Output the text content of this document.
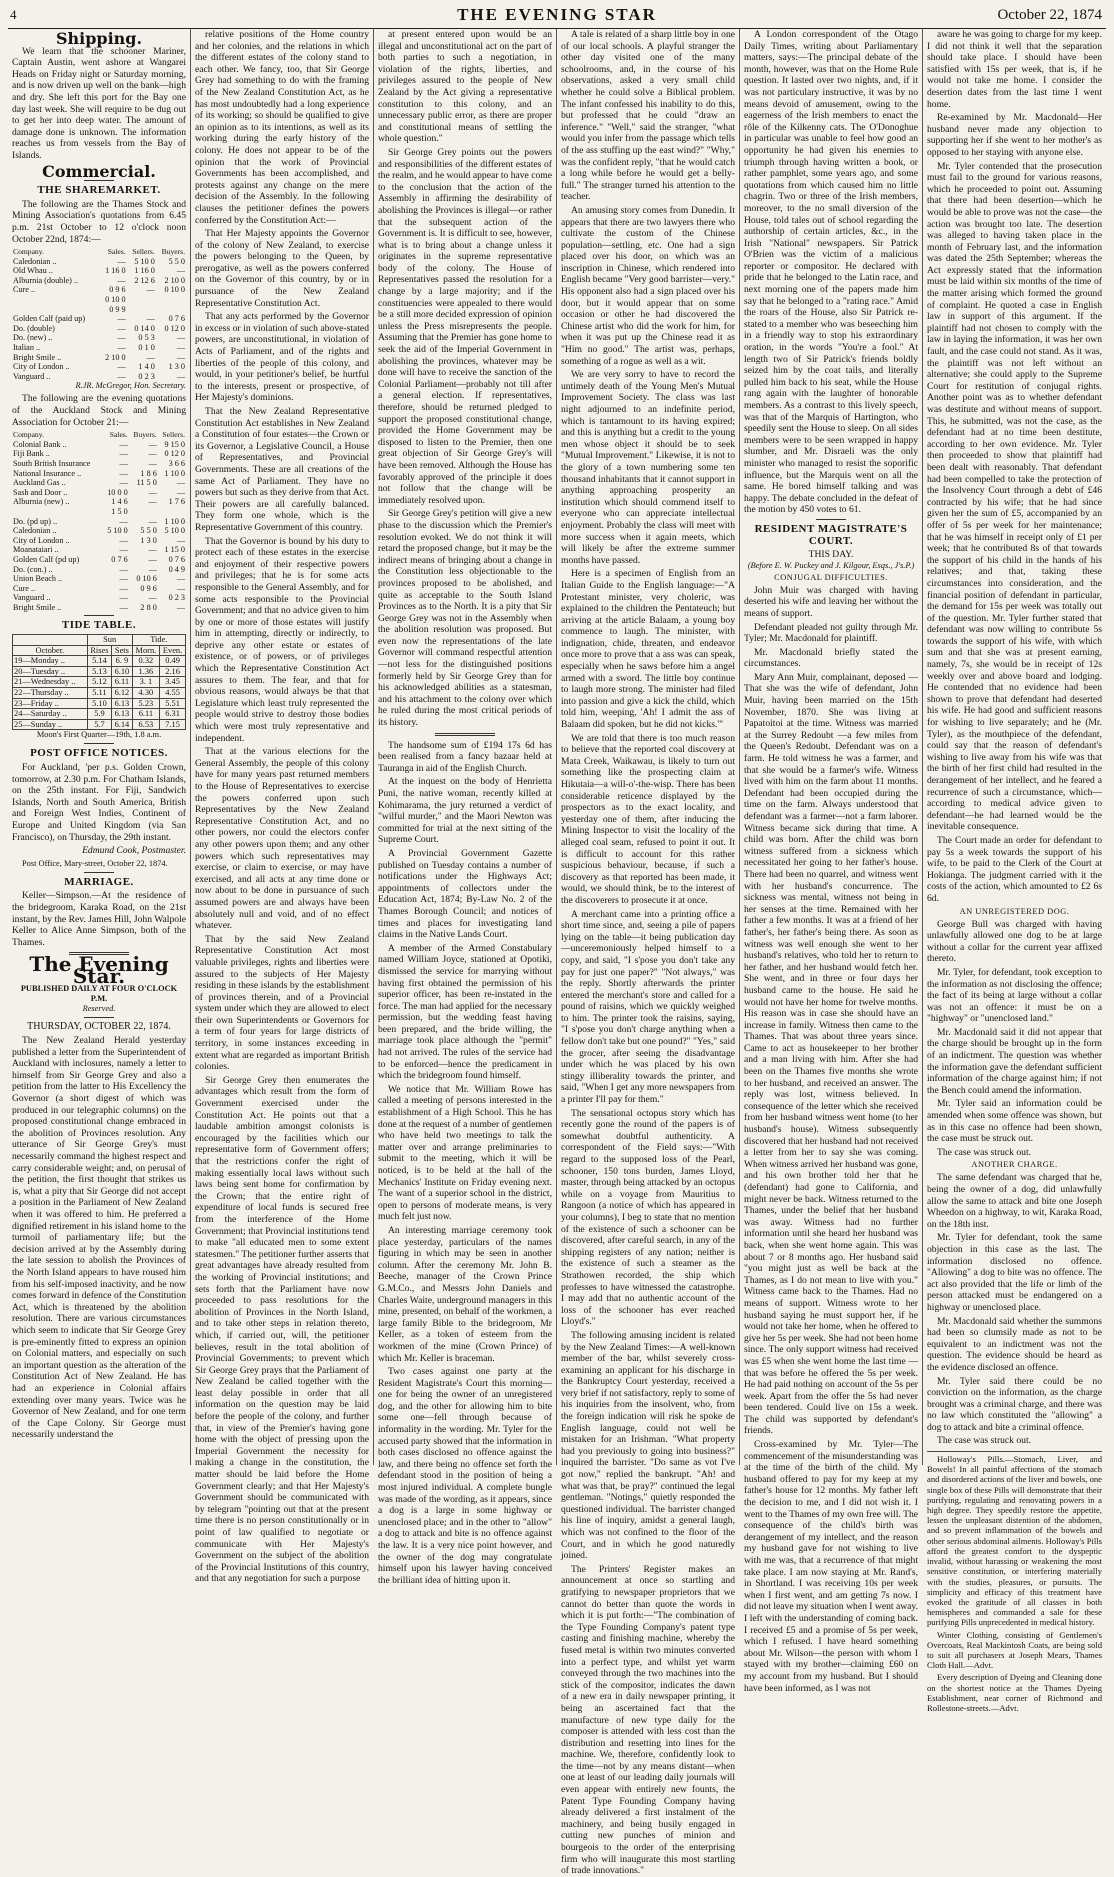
4	THE EVENING STAR	October 22, 1874
Shipping.

We learn that the schooner Mariner, Captain Austin, went ashore at Wangarei Heads on Friday night or Saturday morning, and is now driven up well on the bank—high and dry. She left this port for the Bay one day last week. She will require to be dug out to get her into deep water. The amount of damage done is unknown. The information reaches us from vessels from the Bay of Islands.

Commercial.
THE SHAREMARKET.

The following are the Thames Stock and Mining Association's quotations from 6.45 p.m. 21st October to 12 o'clock noon October 22nd, 1874:—

Company.	Sales.	Sellers.	Buyers.
Caledonian ..	—	5 10 0	5 5 0
Old Whau ..	1 16 0	1 16 0	—
Alburnia (double) ..	—	2 12 6	2 10 0
Cure ..	0 9 6	—	0 10 0
	0 10 0		
	0 9 9		
Golden Calf (paid up)	—	—	0 7 6
Do. (double)	—	0 14 0	0 12 0
Do. (new) ..	—	0 5 3	—
Italian ..	—	0 1 0	—
Bright Smile ..	2 10 0	—	—
City of London ..	—	1 4 0	1 3 0
Vanguard ..	—	0 2 3	—

R.JR. McGregor, Hon. Secretary.

The following are the evening quotations of the Auckland Stock and Mining Association for October 21:—

Company.	Sales.	Buyers.	Sellers.
Colonial Bank ..	—	—	9 15 0
Fiji Bank ..	—	—	0 12 0
South British Insurance	—	—	3 6 6
National Insurance ..	—	1 8 6	1 10 0
Auckland Gas ..	—	11 5 0	—
Sash and Door ..	10 0 0	—	—
Alburnia (new) ..	1 4 6	—	1 7 6
	1 5 0		
Do. (pd up) ..	—	—	1 10 0
Caledonian ..	5 10 0	5 5 0	5 10 0
City of London ..	—	1 3 0	—
Moanataiari ..	—	—	1 15 0
Golden Calf (pd up)	0 7 6	—	0 7 6
Do. (con.) ..	—	—	0 4 9
Union Beach ..	—	0 10 6	—
Cure ..	—	0 9 6	—
Vanguard ..	—	—	0 2 3
Bright Smile ..	—	2 8 0	—
TIDE TABLE.
	Sun		Tide.	
October.	Rises	Sets	Morn.	Even.
19—Monday ..	5.14	6. 9	0.32	0.49
20—Tuesday ..	5.13	6.10	1.36	2.16
21—Wednesday ..	5.12	6.11	3. 1	3.45
22—Thursday ..	5.11	6.12	4.30	4.55
23—Friday ..	5.10	6.13	5.23	5.51
24—Saturday ..	5.9	6.13	6.11	6.31
25—Sunday ..	5.7	6.14	6.53	7.15

Moon's First Quarter—19th, 1.8 a.m.

POST OFFICE NOTICES.

For Auckland, 'per p.s. Golden Crown, tomorrow, at 2.30 p.m. For Chatham Islands, on the 25th instant. For Fiji, Sandwich Islands, North and South America, British and Foreign West Indies, Continent of Europe and United Kingdom (via San Francisco), on Thursday, the 29th instant.

Edmund Cook, Postmaster.

Post Office, Mary-street, October 22, 1874.

MARRIAGE.

Keller—Simpson.—At the residence of the bridegroom, Karaka Road, on the 21st instant, by the Rev. James Hill, John Walpole Keller to Alice Anne Simpson, both of the Thames.

The Evening Star.
PUBLISHED DAILY AT FOUR O'CLOCK P.M.
Reserved.
THURSDAY, OCTOBER 22, 1874.

The New Zealand Herald yesterday published a letter from the Superintendent of Auckland with inclosures, namely a letter to himself from Sir George Grey and also a petition from the latter to His Excellency the Governor (a short digest of which was produced in our telegraphic columns) on the proposed constitutional change embraced in the abolition of Provinces resolution. Any utterance of Sir George Grey's must necessarily command the highest respect and carry considerable weight; and, on perusal of the petition, the first thought that strikes us is, what a pity that Sir George did not accept a position in the Parliament of New Zealand when it was offered to him. He preferred a dignified retirement in his island home to the turmoil of parliamentary life; but the decision arrived at by the Assembly during the late session to abolish the Provinces of the North Island appears to have roused him from his self-imposed inactivity, and he now comes forward in defence of the Constitution Act, which is threatened by the abolition resolution. There are various circumstances which seem to indicate that Sir George Grey is pre-eminently fitted to express an opinion on Colonial matters, and especially on such an important question as the alteration of the Constitution Act of New Zealand. He has had an experience in Colonial affairs extending over many years. Twice was he Governor of New Zealand, and for one term of the Cape Colony. Sir George must necessarily understand the

relative positions of the Home country and her colonies, and the relations in which the different estates of the colony stand to each other. We fancy, too, that Sir George Grey had something to do with the framing of the New Zealand Constitution Act, as he has most undoubtedly had a long experience of its working; so should be qualified to give an opinion as to its intentions, as well as its working during the early history of the colony. He does not appear to be of the opinion that the work of Provincial Governments has been accomplished, and protests against any change on the mere decision of the Assembly. In the following clauses the petitioner defines the powers conferred by the Constitution Act:—

That Her Majesty appoints the Governor of the colony of New Zealand, to exercise the powers belonging to the Queen, by prerogative, as well as the powers conferred on the Governor of this country, by or in pursuance of the New Zealand Representative Constitution Act.

That any acts performed by the Governor in excess or in violation of such above-stated powers, are unconstitutional, in violation of Acts of Parliament, and of the rights and liberties of the people of this colony, and would, in your petitioner's belief, be hurtful to the interests, present or prospective, of Her Majesty's dominions.

That the New Zealand Representative Constitution Act establishes in New Zealand a Constitution of four estates—the Crown or its Governor, a Legislative Council, a House of Representatives, and Provincial Governments. These are all creations of the same Act of Parliament. They have no powers but such as they derive from that Act. Their powers are all carefully balanced. They form one whole, which is the Representative Government of this country.

That the Governor is bound by his duty to protect each of these estates in the exercise and enjoyment of their respective powers and privileges; that he is for some acts responsible to the General Assembly, and for some acts responsible to the Provincial Government; and that no advice given to him by one or more of those estates will justify him in attempting, directly or indirectly, to deprive any other estate or estates of existence, or of powers, or of privileges which the Representative Constitution Act assures to them. The fear, and that for obvious reasons, would always be that that Legislature which least truly represented the people would strive to destroy those bodies which were most truly representative and independent.

That at the various elections for the General Assembly, the people of this colony have for many years past returned members to the House of Representatives to exercise the powers conferred upon such Representatives by the New Zealand Representative Constitution Act, and no other powers, nor could the electors confer any other powers upon them; and any other powers which such representatives may exercise, or claim to exercise, or may have exercised, and all acts at any time done or now about to be done in pursuance of such assumed powers are and always have been absolutely null and void, and of no effect whatever.

That by the said New Zealand Representative Constitution Act most valuable privileges, rights and liberties were assured to the subjects of Her Majesty residing in these islands by the establishment of provinces therein, and of a Provincial system under which they are allowed to elect their own Superintendents or Governors for a term of four years for large districts of territory, in some instances exceeding in extent what are regarded as important British colonies.

Sir George Grey then enumerates the advantages which result from the form of Government exercised under the Constitution Act. He points out that a laudable ambition amongst colonists is encouraged by the facilities which our representative form of Government offers; that the restrictions confer the right of making essentially local laws without such laws being sent home for confirmation by the Crown; that the entire right of expenditure of local funds is secured free from the interference of the Home Government; that Provincial institutions tend to make "all educated men to some extent statesmen." The petitioner further asserts that great advantages have already resulted from the working of Provincial institutions; and sets forth that the Parliament have now proceeded to pass resolutions for the abolition of Provinces in the North Island, and to take other steps in relation thereto, which, if carried out, will, the petitioner believes, result in the total abolition of Provincial Governments; to prevent which Sir George Grey prays that the Parliament of New Zealand be called together with the least delay possible in order that all information on the question may be laid before the people of the colony, and further that, in view of the Premier's having gone home with the object of pressing upon the Imperial Government the necessity for making a change in the constitution, the matter should be laid before the Home Government clearly; and that Her Majesty's Government should be communicated with by telegram "pointing out that at the present time there is no person constitutionally or in point of law qualified to negotiate or communicate with Her Majesty's Government on the subject of the abolition of the Provincial Institutions of this country, and that any negotiation for such a purpose

at present entered upon would be an illegal and unconstitutional act on the part of both parties to such a negotiation, in violation of the rights, liberties, and privileges assured to the people of New Zealand by the Act giving a representative constitution to this colony, and an unnecessary public error, as there are proper and constitutional means of settling the whole question."

Sir George Grey points out the powers and responsibilities of the different estates of the realm, and he would appear to have come to the conclusion that the action of the Assembly in affirming the desirability of abolishing the Provinces is illegal—or rather that the subsequent action of the Government is. It is difficult to see, however, what is to bring about a change unless it originates in the supreme representative body of the colony. The House of Representatives passed the resolution for a change by a large majority; and if the constituencies were appealed to there would be a still more decided expression of opinion unless the Press misrepresents the people. Assuming that the Premier has gone home to seek the aid of the Imperial Government in abolishing the provinces, whatever may be done will have to receive the sanction of the Colonial Parliament—probably not till after a general election. If representatives, therefore, should be returned pledged to support the proposed constitutional change, provided the Home Government may be disposed to listen to the Premier, then one great objection of Sir George Grey's will have been removed. Although the House has favorably approved of the principle it does not follow that the change will be immediately resolved upon.

Sir George Grey's petition will give a new phase to the discussion which the Premier's resolution evoked. We do not think it will retard the proposed change, but it may be the indirect means of bringing about a change in the Constitution less objectionable to the provinces proposed to be abolished, and quite as acceptable to the South Island Provinces as to the North. It is a pity that Sir George Grey was not in the Assembly when the abolition resolution was proposed. But even now the representations of the late Governor will command respectful attention—not less for the distinguished positions formerly held by Sir George Grey than for his acknowledged abilities as a statesman, and his attachment to the colony over which he ruled during the most critical periods of its history.

The handsome sum of £194 17s 6d has been realised from a fancy bazaar held at Tauranga in aid of the English Church.

At the inquest on the body of Henrietta Puni, the native woman, recently killed at Kohimarama, the jury returned a verdict of "wilful murder," and the Maori Newton was committed for trial at the next sitting of the Supreme Court.

A Provincial Government Gazette published on Tuesday contains a number of notifications under the Highways Act; appointments of collectors under the Education Act, 1874; By-Law No. 2 of the Thames Borough Council; and notices of times and places for investigating land claims in the Native Lands Court.

A member of the Armed Constabulary named William Joyce, stationed at Opotiki, dismissed the service for marrying without having first obtained the permission of his superior officer, has been re-instated in the force. The man had applied for the necessary permission, but the wedding feast having been prepared, and the bride willing, the marriage took place although the "permit" had not arrived. The rules of the service had to be enforced—hence the predicament in which the bridegroom found himself.

We notice that Mr. William Rowe has called a meeting of persons interested in the establishment of a High School. This he has done at the request of a number of gentlemen who have held two meetings to talk the matter over and arrange preliminaries to submit to the meeting, which it will be noticed, is to be held at the hall of the Mechanics' Institute on Friday evening next. The want of a superior school in the district, open to persons of moderate means, is very much felt just now.

An interesting marriage ceremony took place yesterday, particulars of the names figuring in which may be seen in another column. After the ceremony Mr. John B. Beeche, manager of the Crown Prince G.M.Co., and Messrs John Daniels and Charles Waite, underground managers in this mine, presented, on behalf of the workmen, a large family Bible to the bridegroom, Mr Keller, as a token of esteem from the workmen of the mine (Crown Prince) of which Mr. Keller is braceman.

Two cases against one party at the Resident Magistrate's Court this morning—one for being the owner of an unregistered dog, and the other for allowing him to bite some one—fell through because of informality in the wording. Mr. Tyler for the accused party showed that the information in both cases disclosed no offence against the law, and there being no offence set forth the defendant stood in the position of being a most injured individual. A complete bungle was made of the wording, as it appears, since a dog is a large in some highway or unenclosed place; and in the other to "allow" a dog to attack and bite is no offence against the law. It is a very nice point however, and the owner of the dog may congratulate himself upon his lawyer having conceived the brilliant idea of hitting upon it.

A tale is related of a sharp little boy in one of our local schools. A playful stranger the other day visited one of the many schoolrooms, and, in the course of his observations, asked a very small child whether he could solve a Biblical problem. The infant confessed his inability to do this, but professed that he could "draw an inference." "Well," said the stranger, "what would you infer from the passage which tells of the ass stuffing up the east wind?" "Why," was the confident reply, "that he would catch a long while before he would get a belly-full." The stranger turned his attention to the teacher.

An amusing story comes from Dunedin. It appears that there are two lawyers there who cultivate the custom of the Chinese population—settling, etc. One had a sign placed over his door, on which was an inscription in Chinese, which rendered into English became "Very good barrister—very." His opponent also had a sign placed over his door, but it would appear that on some occasion or other he had discovered the Chinese artist who did the work for him, for when it was put up the Chinese read it as "Him no good." The artist was, perhaps, something of a rogue as well as a wit.

We are very sorry to have to record the untimely death of the Young Men's Mutual Improvement Society. The class was last night adjourned to an indefinite period, which is tantamount to its having expired; and this is anything but a credit to the young men whose object it should be to seek "Mutual Improvement." Likewise, it is not to the glory of a town numbering some ten thousand inhabitants that it cannot support in anything approaching prosperity an institution which should commend itself to everyone who can appreciate intellectual enjoyment. Probably the class will meet with more success when it again meets, which will likely be after the extreme summer months have passed.

Here is a specimen of English from an Italian Guide to the English language:—"A Protestant minister, very choleric, was explained to the children the Pentateuch; but arriving at the article Balaam, a young boy commence to laugh. The minister, with indignation, chide, threaten, and endeavor once more to prove that a ass was can speak, especially when he saws before him a angel armed with a sword. The little boy continue to laugh more strong. The minister had filed into passion and give a kick the child, which told him, weeping, 'Ah! I admit the ass of Balaam did spoken, but he did not kicks.'"

We are told that there is too much reason to believe that the reported coal discovery at Mata Creek, Waikawau, is likely to turn out something like the prospecting claim at Hikutaia—a will-o'-the-wisp. There has been considerable reticence displayed by the prospectors as to the exact locality, and yesterday one of them, after inducing the Mining Inspector to visit the locality of the alleged coal seam, refused to point it out. It is difficult to account for this rather suspicious behaviour, because, if such a discovery as that reported has been made, it would, we should think, be to the interest of the discoverers to prosecute it at once.

A merchant came into a printing office a short time since, and, seeing a pile of papers lying on the table—it being publication day—unceremoniously helped himself to a copy, and said, "I s'pose you don't take any pay for just one paper?" "Not always," was the reply. Shortly afterwards the printer entered the merchant's store and called for a pound of raisins, which we quickly weighed to him. The printer took the raisins, saying, "I s'pose you don't charge anything when a fellow don't take but one pound?" "Yes," said the grocer, after seeing the disadvantage under which he was placed by his own stingy illiberality towards the printer, and said, "When I get any more newspapers from a printer I'll pay for them."

The sensational octopus story which has recently gone the round of the papers is of somewhat doubtful authenticity. A correspondent of the Field says:—"With regard to the supposed loss of the Pearl, schooner, 150 tons burden, James Lloyd, master, through being attacked by an octopus while on a voyage from Mauritius to Rangoon (a notice of which has appeared in your columns), I beg to state that no mention of the existence of such a schooner can be discovered, after careful search, in any of the shipping registers of any nation; neither is the existence of such a steamer as the Strathowen recorded, the ship which professes to have witnessed the catastrophe. I may add that no authentic account of the loss of the schooner has ever reached Lloyd's."

The following amusing incident is related by the New Zealand Times:—A well-known member of the bar, whilst severely cross-examining an applicant for his discharge in the Bankruptcy Court yesterday, received a very brief if not satisfactory, reply to some of his inquiries from the insolvent, who, from the foreign indication will risk he spoke de English language, could not well be mistaken for an Irishman. "What property had you previously to going into business?" inquired the barrister. "Do same as vot I've got now," replied the bankrupt. "Ah! and what was that, be pray?" continued the legal gentleman. "Notings," quietly responded the questioned individual. The barrister changed his line of inquiry, amidst a general laugh, which was not confined to the floor of the Court, and in which he good naturedly joined.

The Printers' Register makes an announcement at once so startling and gratifying to newspaper proprietors that we cannot do better than quote the words in which it is put forth:—"The combination of the Type Founding Company's patent type casting and finishing machine, whereby the fused metal is within two minutes converted into a perfect type, and whilst yet warm conveyed through the two machines into the stick of the compositor, indicates the dawn of a new era in daily newspaper printing, it being an ascertained fact that the manufacture of new type daily for the composer is attended with less cost than the distribution and resetting into lines for the machine. We, therefore, confidently look to the time—not by any means distant—when one at least of our leading daily journals will even appear with entirely new founts, the Patent Type Founding Company having already delivered a first instalment of the machinery, and being busily engaged in cutting new punches of minion and bourgeois to the order of the enterprising firm who will inaugurate this most startling of trade innovations."

A London correspondent of the Otago Daily Times, writing about Parliamentary matters, says:—The principal debate of the month, however, was that on the Home Rule question. It lasted over two nights, and, if it was not particulary instructive, it was by no means devoid of amusement, owing to the eagerness of the Irish members to enact the rôle of the Kilkenny cats. The O'Donoghue in particular was unable to feel how good an opportunity he had given his enemies to triumph through having written a book, or rather pamphlet, some years ago, and some quotations from which caused him no little chagrin. Two or three of the Irish members, moreover, to the no small diversion of the House, told tales out of school regarding the authorship of certain articles, &c., in the Irish "National" newspapers. Sir Patrick O'Brien was the victim of a malicious reporter or compositor. He declared with pride that he belonged to the Latin race, and next morning one of the papers made him say that he belonged to a "rating race." Amid the roars of the House, also Sir Patrick re-stated to a member who was beseeching him in a friendly way to stop his extraordinary oration, in the words "You're a fool." At length two of Sir Patrick's friends boldly seized him by the coat tails, and literally pulled him back to his seat, while the House rang again with the laughter of honorable members. As a contrast to this lively speech, was that of the Marquis of Hartington, who speedily sent the House to sleep. On all sides members were to be seen wrapped in happy slumber, and Mr. Disraeli was the only minister who managed to resist the soporific influence, but the Marquis went on all the same. He bored himself talking and was happy. The debate concluded in the defeat of the motion by 450 votes to 61.

RESIDENT MAGISTRATE'S COURT.
THIS DAY.
(Before E. W. Puckey and J. Kilgour, Esqs., J's.P.)
CONJUGAL DIFFICULTIES.

John Muir was charged with having deserted his wife and leaving her without the means of support.

Defendant pleaded not guilty through Mr. Tyler; Mr. Macdonald for plaintiff.

Mr. Macdonald briefly stated the circumstances.

Mary Ann Muir, complainant, deposed —That she was the wife of defendant, John Muir, having been married on the 15th November, 1870. She was living at Papatoitoi at the time. Witness was married at the Surrey Redoubt —a few miles from the Queen's Redoubt. Defendant was on a farm. He told witness he was a farmer, and that she would be a farmer's wife. Witness lived with him on the farm about 11 months. Defendant had been occupied during the time on the farm. Always understood that defendant was a farmer—not a farm laborer. Witness became sick during that time. A child was born. After the child was born witness suffered from a sickness which necessitated her going to her father's house. There had been no quarrel, and witness went with her husband's concurrence. The sickness was mental, witness not being in her senses at the time. Remained with her father a few months. It was at a friend of her father's, her father's being there. As soon as witness was well enough she went to her husband's relatives, who told her to return to her father, and her husband would fetch her. She went, and in three or four days her husband came to the house. He said he would not have her home for twelve months. His reason was in case she should have an increase in family. Witness then came to the Thames. That was about three years since. Came to act as housekeeper to her brother and a man living with him. After she had been on the Thames five months she wrote to her husband, and received an answer. The reply was lost, witness believed. In consequence of the letter which she received from her husband witness went home (to her husband's house). Witness subsequently discovered that her husband had not received a letter from her to say she was coming. When witness arrived her husband was gone, and his own brother told her that he (defendant) had gone to California, and might never be back. Witness returned to the Thames, under the belief that her husband was away. Witness had no further information until she heard her husband was back, when she went home again. This was about 7 or 8 months ago. Her husband said "you might just as well be back at the Thames, as I do not mean to live with you." Witness came back to the Thames. Had no means of support. Witness wrote to her husband saying he must support her, if he would not take her home, when he offered to give her 5s per week. She had not been home since. The only support witness had received was £5 when she went home the last time —that was before he offered the 5s per week. He had paid nothing on account of the 5s per week. Apart from the offer the 5s had never been tendered. Could live on 15s a week. The child was supported by defendant's friends.

Cross-examined by Mr. Tyler—The commencement of the misunderstanding was at the time of the birth of the child. My husband offered to pay for my keep at my father's house for 12 months. My father left the decision to me, and I did not wish it. I went to the Thames of my own free will. The consequence of the child's birth was derangement of my intellect, and the reason my husband gave for not wishing to live with me was, that a recurrence of that might take place. I am now staying at Mr. Rand's, in Shortland. I was receiving 10s per week when I first went, and am getting 7s now. I did not leave my situation when I went away. I left with the understanding of coming back. I received £5 and a promise of 5s per week, which I refused. I have heard something about Mr. Wilson—the person with whom I stayed with my brother—claiming £60 on my account from my husband. But I should have been informed, as I was not

aware he was going to charge for my keep. I did not think it well that the separation should take place. I should have been satisfied with 15s per week, that is, if he would not take me home. I consider the desertion dates from the last time I went home.

Re-examined by Mr. Macdonald—Her husband never made any objection to supporting her if she went to her mother's as opposed to her staying with anyone else.

Mr. Tyler contended that the prosecution must fail to the ground for various reasons, which he proceeded to point out. Assuming that there had been desertion—which he would be able to prove was not the case—the action was brought too late. The desertion was alleged to having taken place in the month of February last, and the information was dated the 25th September; whereas the Act expressly stated that the information must be laid within six months of the time of the matter arising which formed the ground of complaint. He quoted a case in English law in support of this argument. If the plaintiff had not chosen to comply with the law in laying the information, it was her own fault, and the case could not stand. As it was, the plaintiff was not left without an alternative; she could apply to the Supreme Court for restitution of conjugal rights. Another point was as to whether defendant was destitute and without means of support. This, he submitted, was not the case, as the defendant had at no time been destitute, according to her own evidence. Mr. Tyler then proceeded to show that plaintiff had been dealt with reasonably. That defendant had been compelled to take the protection of the Insolvency Court through a debt of £46 contracted by his wife; that he had since given her the sum of £5, accompanied by an offer of 5s per week for her maintenance; that he was himself in receipt only of £1 per week; that he contributed 8s of that towards the support of his child in the hands of his relatives; and that, taking these circumstances into consideration, and the financial position of defendant in particular, the demand for 15s per week was totally out of the question. Mr. Tyler further stated that defendant was now willing to contribute 5s towards the support of his wife, with which sum and that she was at present earning, namely, 7s, she would be in receipt of 12s weekly over and above board and lodging. He contended that no evidence had been shown to prove that defendant had deserted his wife. He had good and sufficient reasons for wishing to live separately; and he (Mr. Tyler), as the mouthpiece of the defendant, could say that the reason of defendant's wishing to live away from his wife was that the birth of her first child had resulted in the derangement of her intellect, and he feared a recurrence of such a circumstance, which—according to medical advice given to defendant—he had learned would be the inevitable consequence.

The Court made an order for defendant to pay 5s a week towards the support of his wife, to be paid to the Clerk of the Court at Hokianga. The judgment carried with it the costs of the action, which amounted to £2 6s 6d.

AN UNREGISTERED DOG.

George Bull was charged with having unlawfully allowed one dog to be at large without a collar for the current year affixed thereto.

Mr. Tyler, for defendant, took exception to the information as not disclosing the offence; the fact of its being at large without a collar was not an offence: it must be on a "highway" or "unenclosed land."

Mr. Macdonald said it did not appear that the charge should be brought up in the form of an indictment. The question was whether the information gave the defendant sufficient information of the charge against him; if not the Bench could amend the information.

Mr. Tyler said an information could be amended when some offence was shown, but as in this case no offence had been shown, the case must be struck out.

The case was struck out.

ANOTHER CHARGE.

The same defendant was charged that he, being the owner of a dog, did unlawfully allow the same to attack and bite one Joseph Wheedon on a highway, to wit, Karaka Road, on the 18th inst.

Mr. Tyler for defendant, took the same objection in this case as the last. The information disclosed no offence. "Allowing" a dog to bite was no offence. The act also provided that the life or limb of the person attacked must be endangered on a highway or unenclosed place.

Mr. Macdonald said whether the summons had been so clumsily made as not to be equivalent to an indictment was not the question. The evidence should be heard as the evidence disclosed an offence.

Mr. Tyler said there could be no conviction on the information, as the charge brought was a criminal charge, and there was no law which constituted the "allowing" a dog to attack and bite a criminal offence.

The case was struck out.

Holloway's Pills.—Stomach, Liver, and Bowels! In all painful affections of the stomach and disordered actions of the liver and bowels, one single box of these Pills will demonstrate that their purifying, regulating and renovating powers in a high degree. They speedily restore the appetite, lessen the unpleasant distention of the abdomen, and so prevent inflammation of the bowels and other serious abdominal ailments. Holloway's Pills afford the greatest comfort to the dyspeptic invalid, without harassing or weakening the most sensitive constitution, or interfering materially with the studies, pleasures, or pursuits. The simplicity and efficacy of this treatment have evoked the gratitude of all classes in both hemispheres and commanded a sale for these purifying Pills unprecedented in medical history.

Winter Clothing, consisting of Gentlemen's Overcoats, Real Mackintosh Coats, are being sold to suit all purchasers at Joseph Mears, Thames Cloth Hall.—Advt.

Every description of Dyeing and Cleaning done on the shortest notice at the Thames Dyeing Establishment, near corner of Richmond and Rollestone-streets.—Advt.
